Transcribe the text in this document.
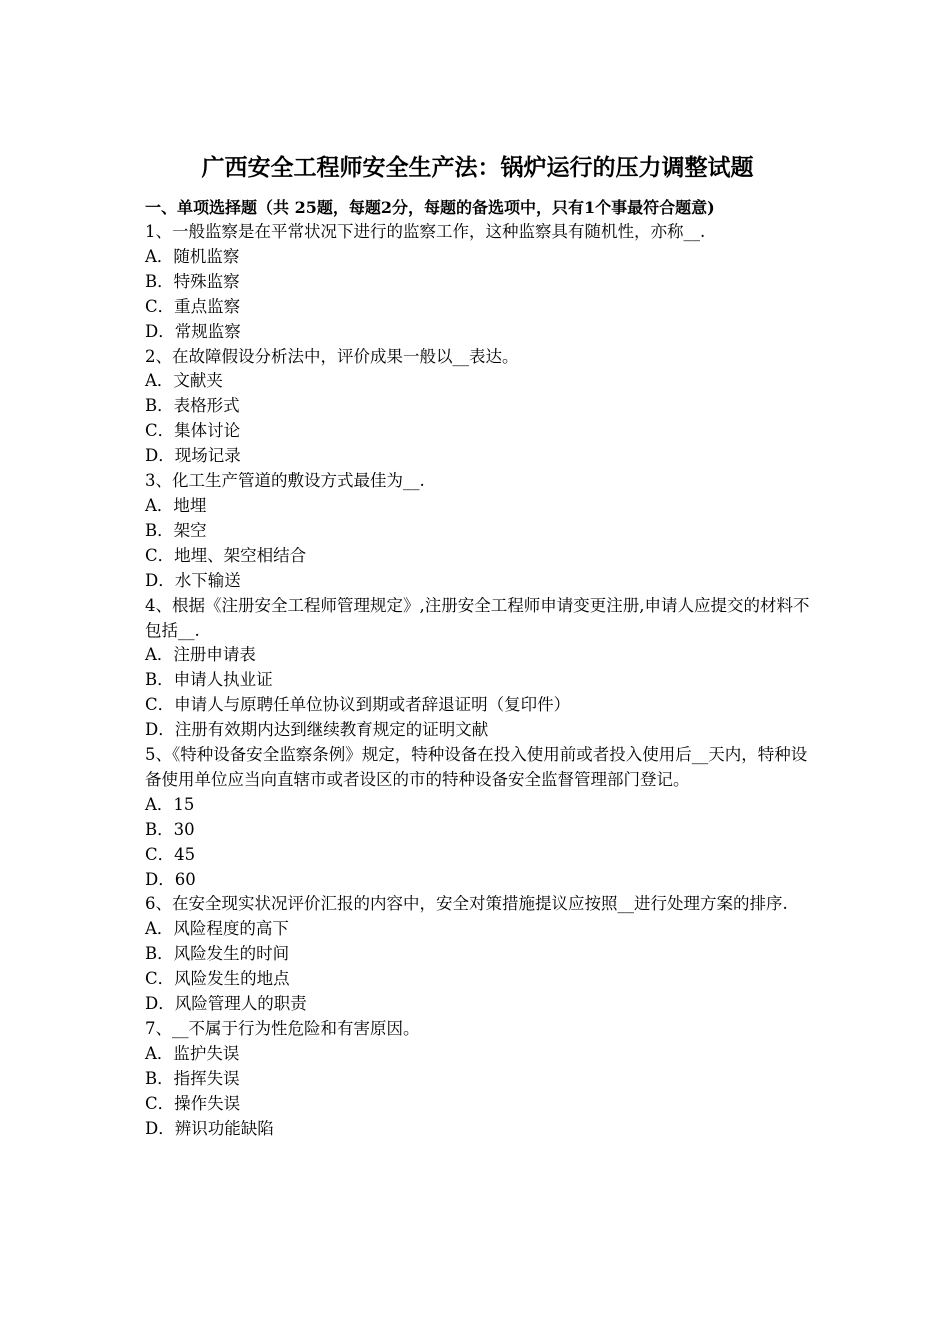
广西安全工程师安全生产法：锅炉运行的压力调整试题

一、单项选择题（共 25题，每题2分，每题的备选项中，只有1个事最符合题意)

1、一般监察是在平常状况下进行的监察工作，这种监察具有随机性，亦称__.

A．随机监察

B．特殊监察

C．重点监察

D．常规监察

2、在故障假设分析法中，评价成果一般以__表达。

A．文献夹

B．表格形式

C．集体讨论

D．现场记录

3、化工生产管道的敷设方式最佳为__.

A．地埋

B．架空

C．地埋、架空相结合

D．水下输送

4、根据《注册安全工程师管理规定》,注册安全工程师申请变更注册,申请人应提交的材料不包括__.

A．注册申请表

B．申请人执业证

C．申请人与原聘任单位协议到期或者辞退证明（复印件）

D．注册有效期内达到继续教育规定的证明文献

5、《特种设备安全监察条例》规定，特种设备在投入使用前或者投入使用后__天内，特种设备使用单位应当向直辖市或者设区的市的特种设备安全监督管理部门登记。

A．15

B．30

C．45

D．60

6、在安全现实状况评价汇报的内容中，安全对策措施提议应按照__进行处理方案的排序.

A．风险程度的高下

B．风险发生的时间

C．风险发生的地点

D．风险管理人的职责

7、__不属于行为性危险和有害原因。

A．监护失误

B．指挥失误

C．操作失误

D．辨识功能缺陷
